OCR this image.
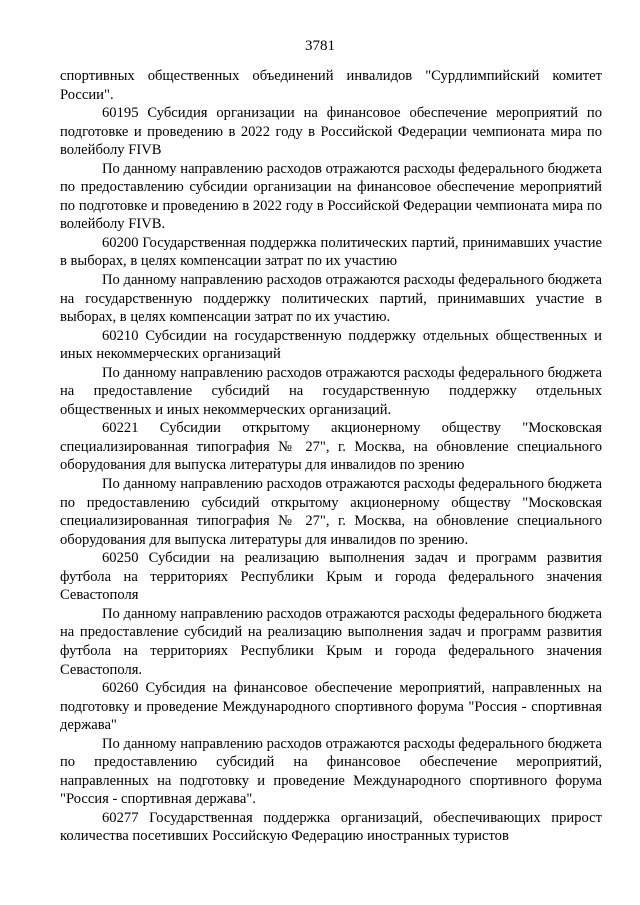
3781

спортивных общественных объединений инвалидов "Сурдлимпийский комитет России".

60195 Субсидия организации на финансовое обеспечение мероприятий по подготовке и проведению в 2022 году в Российской Федерации чемпионата мира по волейболу FIVB

По данному направлению расходов отражаются расходы федерального бюджета по предоставлению субсидии организации на финансовое обеспечение мероприятий по подготовке и проведению в 2022 году в Российской Федерации чемпионата мира по волейболу FIVB.

60200 Государственная поддержка политических партий, принимавших участие в выборах, в целях компенсации затрат по их участию

По данному направлению расходов отражаются расходы федерального бюджета на государственную поддержку политических партий, принимавших участие в выборах, в целях компенсации затрат по их участию.

60210 Субсидии на государственную поддержку отдельных общественных и иных некоммерческих организаций

По данному направлению расходов отражаются расходы федерального бюджета на предоставление субсидий на государственную поддержку отдельных общественных и иных некоммерческих организаций.

60221 Субсидии открытому акционерному обществу "Московская специализированная типография № 27", г. Москва, на обновление специального оборудования для выпуска литературы для инвалидов по зрению

По данному направлению расходов отражаются расходы федерального бюджета по предоставлению субсидий открытому акционерному обществу "Московская специализированная типография № 27", г. Москва, на обновление специального оборудования для выпуска литературы для инвалидов по зрению.

60250 Субсидии на реализацию выполнения задач и программ развития футбола на территориях Республики Крым и города федерального значения Севастополя

По данному направлению расходов отражаются расходы федерального бюджета на предоставление субсидий на реализацию выполнения задач и программ развития футбола на территориях Республики Крым и города федерального значения Севастополя.

60260 Субсидия на финансовое обеспечение мероприятий, направленных на подготовку и проведение Международного спортивного форума "Россия - спортивная держава"

По данному направлению расходов отражаются расходы федерального бюджета по предоставлению субсидий на финансовое обеспечение мероприятий, направленных на подготовку и проведение Международного спортивного форума "Россия - спортивная держава".

60277 Государственная поддержка организаций, обеспечивающих прирост количества посетивших Российскую Федерацию иностранных туристов
